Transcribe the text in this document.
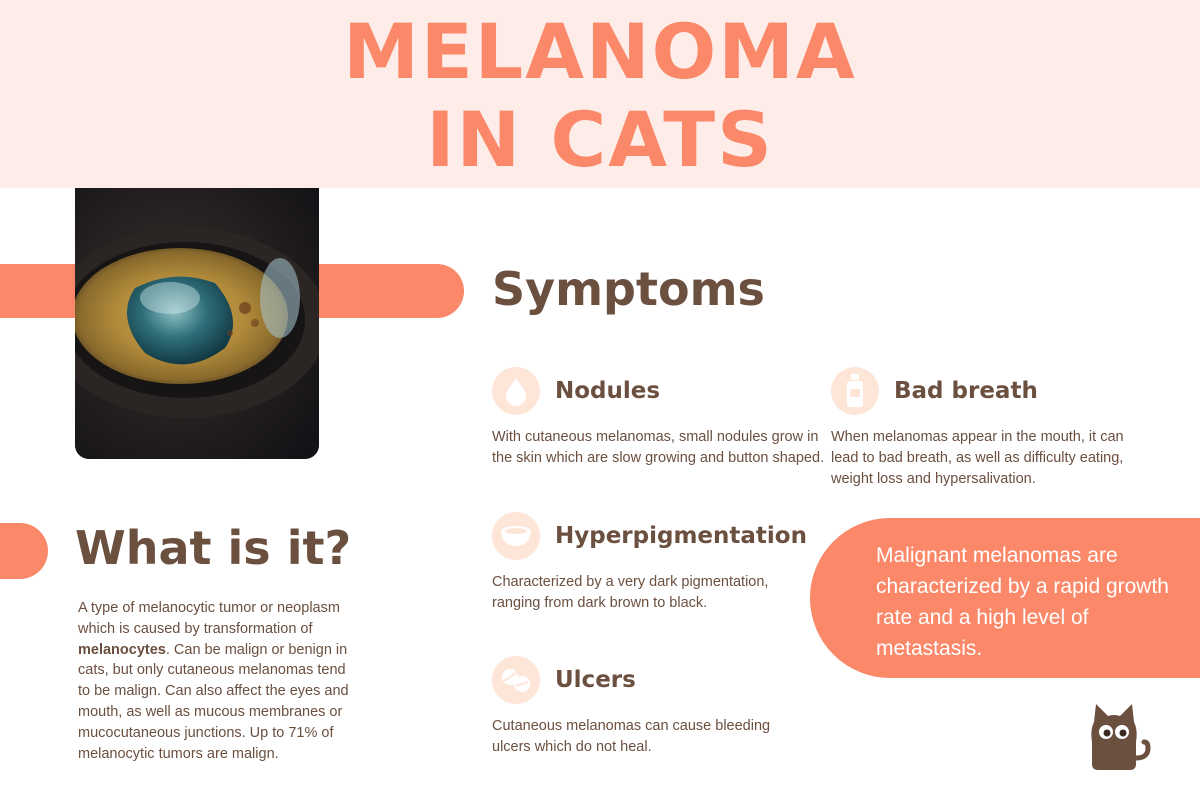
MELANOMA
IN CATS
What is it?

A type of melanocytic tumor or neoplasm which is caused by transformation of melanocytes. Can be malign or benign in cats, but only cutaneous melanomas tend to be malign. Can also affect the eyes and mouth, as well as mucous membranes or mucocutaneous junctions. Up to 71% of melanocytic tumors are malign.

Symptoms
Nodules

With cutaneous melanomas, small nodules grow in the skin which are slow growing and button shaped.

Bad breath

When melanomas appear in the mouth, it can lead to bad breath, as well as difficulty eating, weight loss and hypersalivation.

Hyperpigmentation

Characterized by a very dark pigmentation, ranging from dark brown to black.

Ulcers

Cutaneous melanomas can cause bleeding ulcers which do not heal.

Malignant melanomas are characterized by a rapid growth rate and a high level of metastasis.
